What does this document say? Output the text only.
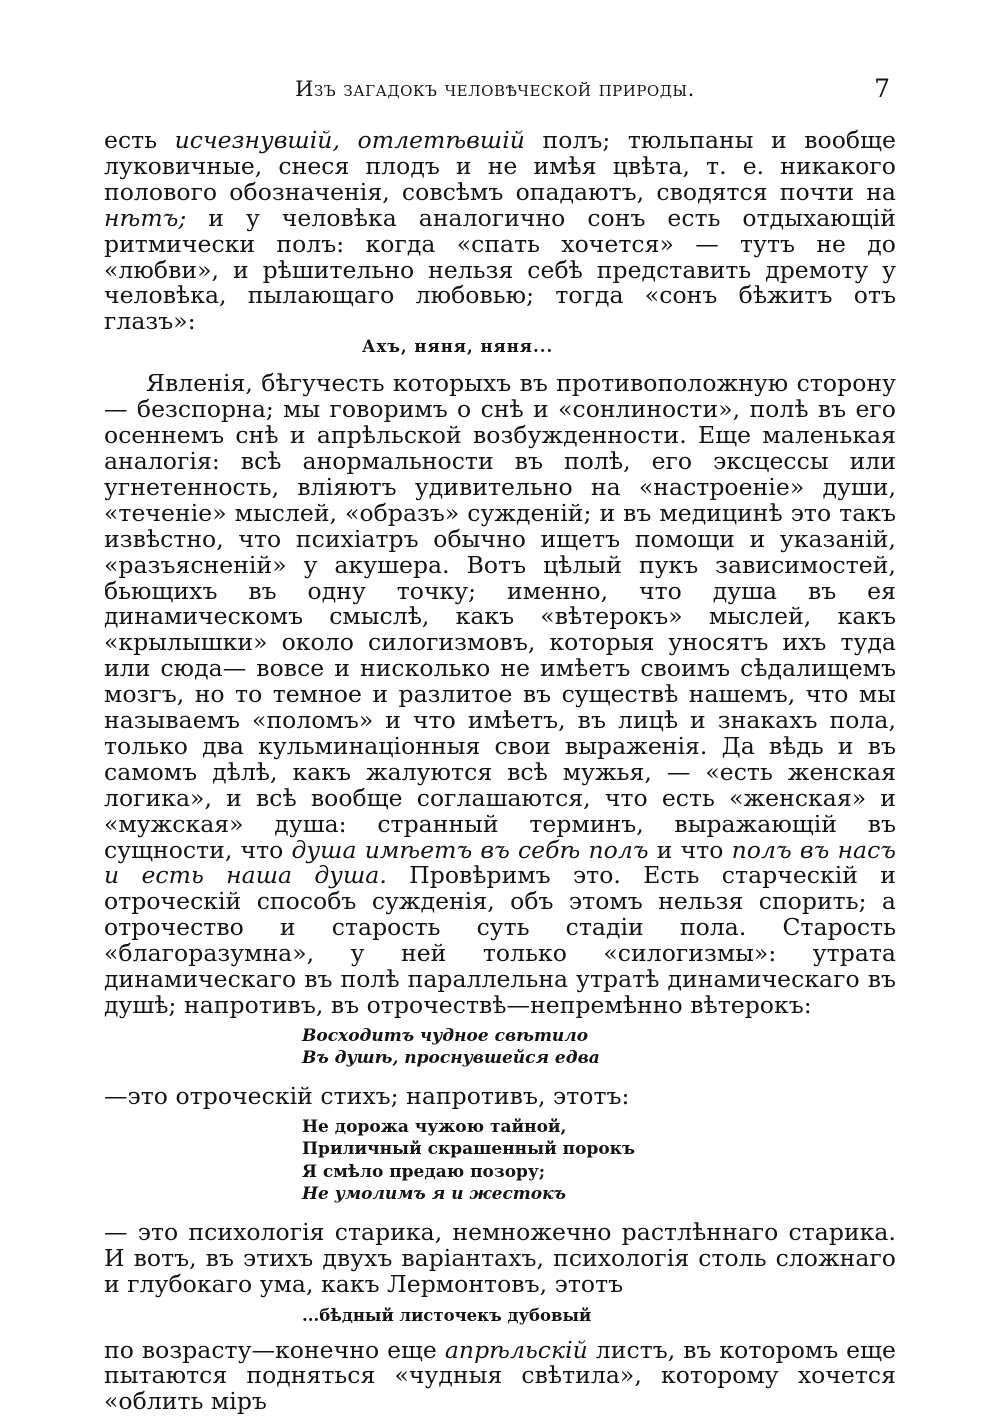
Изъ загадокъ человѣческой природы.	7

есть исчезнувшій, отлетѣвшій полъ; тюльпаны и вообще луковичные, снеся плодъ и не имѣя цвѣта, т. е. никакого полового обозначенія, совсѣмъ опадаютъ, сводятся почти на нѣтъ; и у человѣка аналогично сонъ есть отдыхающій ритмически полъ: когда «спать хочется» — тутъ не до «любви», и рѣшительно нельзя себѣ представить дремоту у человѣка, пылающаго любовью; тогда «сонъ бѣжитъ отъ глазъ»:

Ахъ, няня, няня...

Явленія, бѣгучесть которыхъ въ противоположную сторону — безспорна; мы говоримъ о снѣ и «сонлиности», полѣ въ его осеннемъ снѣ и апрѣльской возбужденности. Еще маленькая аналогія: всѣ анормальности въ полѣ, его эксцессы или угнетенность, вліяютъ удивительно на «настроеніе» души, «теченіе» мыслей, «образъ» сужденій; и въ медицинѣ это такъ извѣстно, что психіатръ обычно ищетъ помощи и указаній, «разъясненій» у акушера. Вотъ цѣлый пукъ зависимостей, бьющихъ въ одну точку; именно, что душа въ ея динамическомъ смыслѣ, какъ «вѣтерокъ» мыслей, какъ «крылышки» около силогизмовъ, которыя уносятъ ихъ туда или сюда— вовсе и нисколько не имѣетъ своимъ сѣдалищемъ мозгъ, но то темное и разлитое въ существѣ нашемъ, что мы называемъ «поломъ» и что имѣетъ, въ лицѣ и знакахъ пола, только два кульминаціонныя свои выраженія. Да вѣдь и въ самомъ дѣлѣ, какъ жалуются всѣ мужья, — «есть женская логика», и всѣ вообще соглашаются, что есть «женская» и «мужская» душа: странный терминъ, выражающій въ сущности, что душа имѣетъ въ себѣ полъ и что полъ въ насъ и есть наша душа. Провѣримъ это. Есть старческій и отроческій способъ сужденія, объ этомъ нельзя спорить; а отрочество и старость суть стадіи пола. Старость «благоразумна», у ней только «силогизмы»: утрата динамическаго въ полѣ параллельна утратѣ динамическаго въ душѣ; напротивъ, въ отрочествѣ—непремѣнно вѣтерокъ:

Восходитъ чудное свѣтило
Въ душѣ, проснувшейся едва

—это отроческій стихъ; напротивъ, этотъ:

Не дорожа чужою тайной,
Приличный скрашенный порокъ
Я смѣло предаю позору;
Не умолимъ я и жестокъ

— это психологія старика, немножечно растлѣннаго старика. И вотъ, въ этихъ двухъ варіантахъ, психологія столь сложнаго и глубокаго ума, какъ Лермонтовъ, этотъ

...бѣдный листочекъ дубовый

по возрасту—конечно еще апрѣльскій листъ, въ которомъ еще пытаются подняться «чудныя свѣтила», которому хочется «облить міръ
